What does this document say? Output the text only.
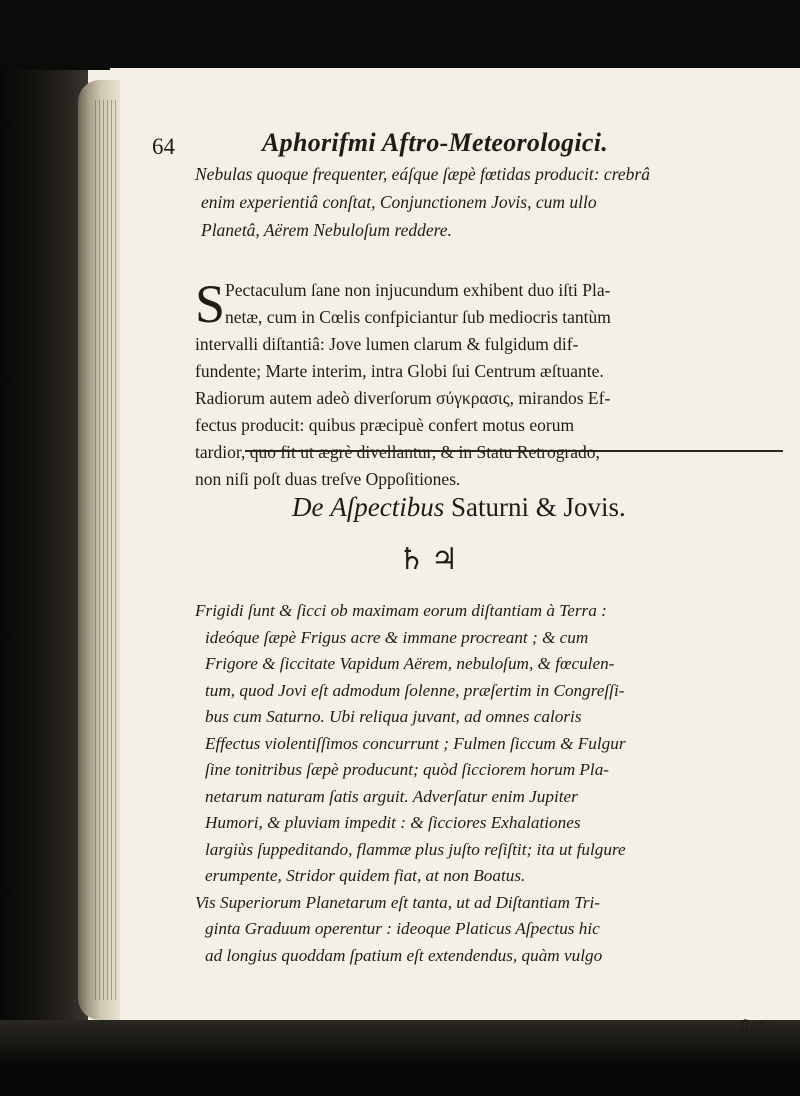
64	Aphorifmi Aftro-Meteorologici.
Nebulas quoque frequenter, eáſque ſæpè fœtidas producit: crebrâ
enim experientiâ conſtat, Conjunctionem Jovis, cum ullo
Planetâ, Aërem Nebuloſum reddere.
S Pectaculum ſane non injucundum exhibent duo iſti Pla-
netæ, cum in Cœlis confpiciantur ſub mediocris tantùm
intervalli diſtantiâ: Jove lumen clarum & fulgidum dif-
fundente; Marte interim, intra Globi ſui Centrum æſtuante.
Radiorum autem adeò diverſorum σύγκρασις, mirandos Ef-
fectus producit: quibus præcipuè confert motus eorum
tardior, quo fit ut ægrè divellantur, & in Statu Retrogrado,
non niſi poſt duas treſve Oppoſitiones.
De Aſpectibus Saturni & Jovis.
♄♃
Frigidi ſunt & ſicci ob maximam eorum diſtantiam à Terra :
ideóque ſæpè Frigus acre & immane procreant ; & cum
Frigore & ſiccitate Vapidum Aërem, nebuloſum, & fœculen-
tum, quod Jovi eſt admodum ſolenne, præſertim in Congreſſi-
bus cum Saturno. Ubi reliqua juvant, ad omnes caloris
Effectus violentiſſimos concurrunt ; Fulmen ſiccum & Fulgur
ſine tonitribus ſæpè producunt; quòd ſicciorem horum Pla-
netarum naturam ſatis arguit. Adverſatur enim Jupiter
Humori, & pluviam impedit : & ſicciores Exhalationes
largiùs ſuppeditando, flammæ plus juſto reſiſtit; ita ut fulgure
erumpente, Stridor quidem fiat, at non Boatus.
Vis Superiorum Planetarum eſt tanta, ut ad Diſtantiam Tri-
ginta Graduum operentur : ideoque Platicus Aſpectus hic
ad longius quoddam ſpatium eſt extendendus, quàm vulgo
fiat :
